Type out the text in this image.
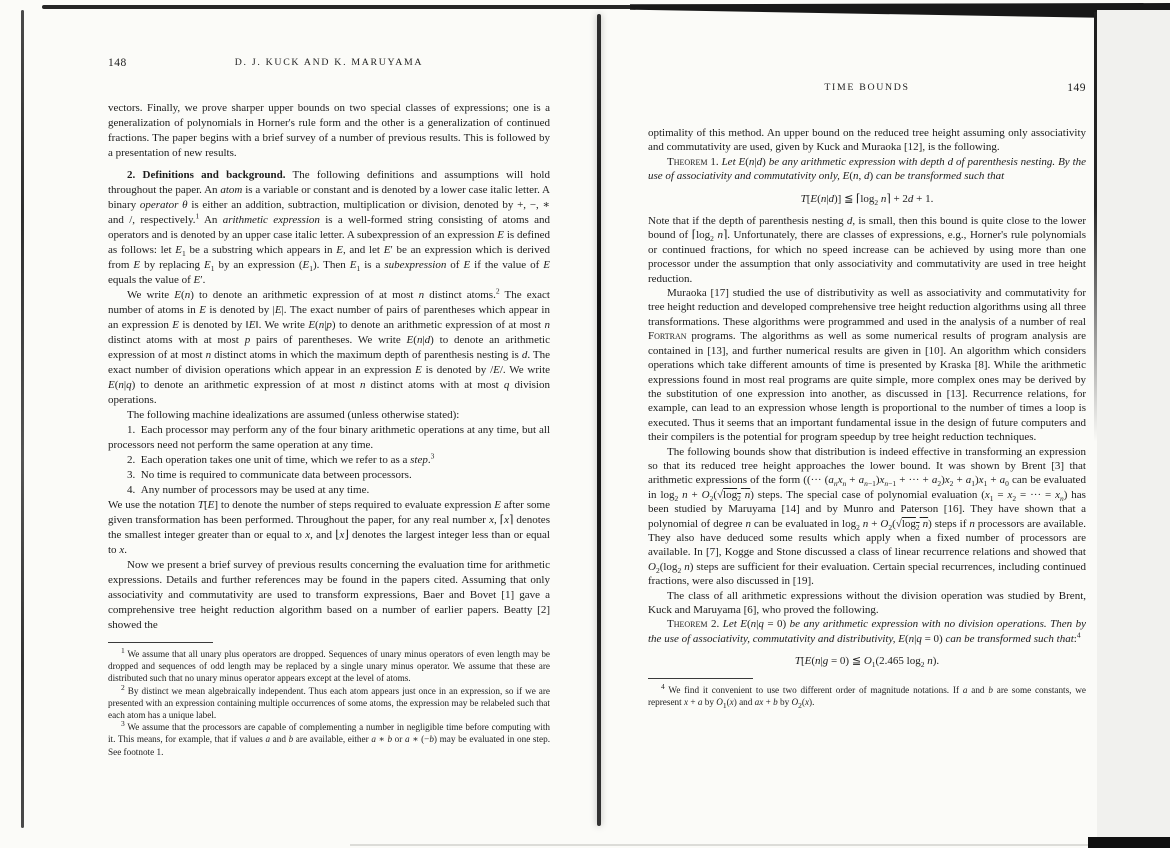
148	D. J. KUCK AND K. MARUYAMA

vectors. Finally, we prove sharper upper bounds on two special classes of expressions; one is a generalization of polynomials in Horner's rule form and the other is a generalization of continued fractions. The paper begins with a brief survey of a number of previous results. This is followed by a presentation of new results.

2. Definitions and background. The following definitions and assumptions will hold throughout the paper. An atom is a variable or constant and is denoted by a lower case italic letter. A binary operator θ is either an addition, subtraction, multiplication or division, denoted by +, −, ∗ and /, respectively.$^1$ An arithmetic expression is a well-formed string consisting of atoms and operators and is denoted by an upper case italic letter. A subexpression of an expression E is defined as follows: let $E_1$ be a substring which appears in E, and let E′ be an expression which is derived from E by replacing $E_1$ by an expression $(E_1)$. Then $E_1$ is a subexpression of E if the value of E equals the value of E′.

We write E(n) to denote an arithmetic expression of at most n distinct atoms.$^2$ The exact number of atoms in E is denoted by |E|. The exact number of pairs of parentheses which appear in an expression E is denoted by ‖E‖. We write E(n|p) to denote an arithmetic expression of at most n distinct atoms with at most p pairs of parentheses. We write E(n|d) to denote an arithmetic expression of at most n distinct atoms in which the maximum depth of parenthesis nesting is d. The exact number of division operations which appear in an expression E is denoted by /E/. We write E(n|q) to denote an arithmetic expression of at most n distinct atoms with at most q division operations.

The following machine idealizations are assumed (unless otherwise stated):

1. Each processor may perform any of the four binary arithmetic operations at any time, but all processors need not perform the same operation at any time.

2. Each operation takes one unit of time, which we refer to as a step.$^3$

3. No time is required to communicate data between processors.

4. Any number of processors may be used at any time.

We use the notation T[E] to denote the number of steps required to evaluate expression E after some given transformation has been performed. Throughout the paper, for any real number x, ⌈x⌉ denotes the smallest integer greater than or equal to x, and ⌊x⌋ denotes the largest integer less than or equal to x.

Now we present a brief survey of previous results concerning the evaluation time for arithmetic expressions. Details and further references may be found in the papers cited. Assuming that only associativity and commutativity are used to transform expressions, Baer and Bovet [1] gave a comprehensive tree height reduction algorithm based on a number of earlier papers. Beatty [2] showed the

$^1$ We assume that all unary plus operators are dropped. Sequences of unary minus operators of even length may be dropped and sequences of odd length may be replaced by a single unary minus operator. We assume that these are distributed such that no unary minus operator appears except at the level of atoms.

$^2$ By distinct we mean algebraically independent. Thus each atom appears just once in an expression, so if we are presented with an expression containing multiple occurrences of some atoms, the expression may be relabeled such that each atom has a unique label.

$^3$ We assume that the processors are capable of complementing a number in negligible time before computing with it. This means, for example, that if values a and b are available, either a ∗ b or a ∗ (−b) may be evaluated in one step. See footnote 1.

TIME BOUNDS	149

optimality of this method. An upper bound on the reduced tree height assuming only associativity and commutativity are used, given by Kuck and Muraoka [12], is the following.

Theorem 1. Let E(n|d) be any arithmetic expression with depth d of parenthesis nesting. By the use of associativity and commutativity only, E(n, d) can be transformed such that

T[E(n|d)] ≦ $⌈\log_2$ n⌉ + 2d + 1.

Note that if the depth of parenthesis nesting d, is small, then this bound is quite close to the lower bound of $⌈\log_2$ n⌉. Unfortunately, there are classes of expressions, e.g., Horner's rule polynomials or continued fractions, for which no speed increase can be achieved by using more than one processor under the assumption that only associativity and commutativity are used in tree height reduction.

Muraoka [17] studied the use of distributivity as well as associativity and commutativity for tree height reduction and developed comprehensive tree height reduction algorithms using all three transformations. These algorithms were programmed and used in the analysis of a number of real Fortran programs. The algorithms as well as some numerical results of program analysis are contained in [13], and further numerical results are given in [10]. An algorithm which considers operations which take different amounts of time is presented by Kraska [8]. While the arithmetic expressions found in most real programs are quite simple, more complex ones may be derived by the substitution of one expression into another, as discussed in [13]. Recurrence relations, for example, can lead to an expression whose length is proportional to the number of times a loop is executed. Thus it seems that an important fundamental issue in the design of future computers and their compilers is the potential for program speedup by tree height reduction techniques.

The following bounds show that distribution is indeed effective in transforming an expression so that its reduced tree height approaches the lower bound. It was shown by Brent [3] that arithmetic expressions of the form ((··· $(a_nx_n + a_{n-1})x_{n-1}$ + ··· + $a_2)x_2 + a_1)x_1 + a_0$ can be evaluated in $\log_2 n + O_2(√\log_2$ n) steps. The special case of polynomial evaluation ($x_1 = x_2$ = ··· = $x_n$) has been studied by Maruyama [14] and by Munro and Paterson [16]. They have shown that a polynomial of degree n can be evaluated in $\log_2 n + O_2(√\log_2$ n) steps if n processors are available. They also have deduced some results which apply when a fixed number of processors are available. In [7], Kogge and Stone discussed a class of linear recurrence relations and showed that $O_2(\log_2$ n) steps are sufficient for their evaluation. Certain special recurrences, including continued fractions, were also discussed in [19].

The class of all arithmetic expressions without the division operation was studied by Brent, Kuck and Maruyama [6], who proved the following.

Theorem 2. Let E(n|q = 0) be any arithmetic expression with no division operations. Then by the use of associativity, commutativity and distributivity, E(n|q = 0) can be transformed such that:$^4$

T[E(n|g = 0) ≦ $O_1(2.465$ $\log_2 n$).

$^4$ We find it convenient to use two different order of magnitude notations. If a and b are some constants, we represent x + a by $O_1(x)$ and ax + b by $O_2(x)$.
